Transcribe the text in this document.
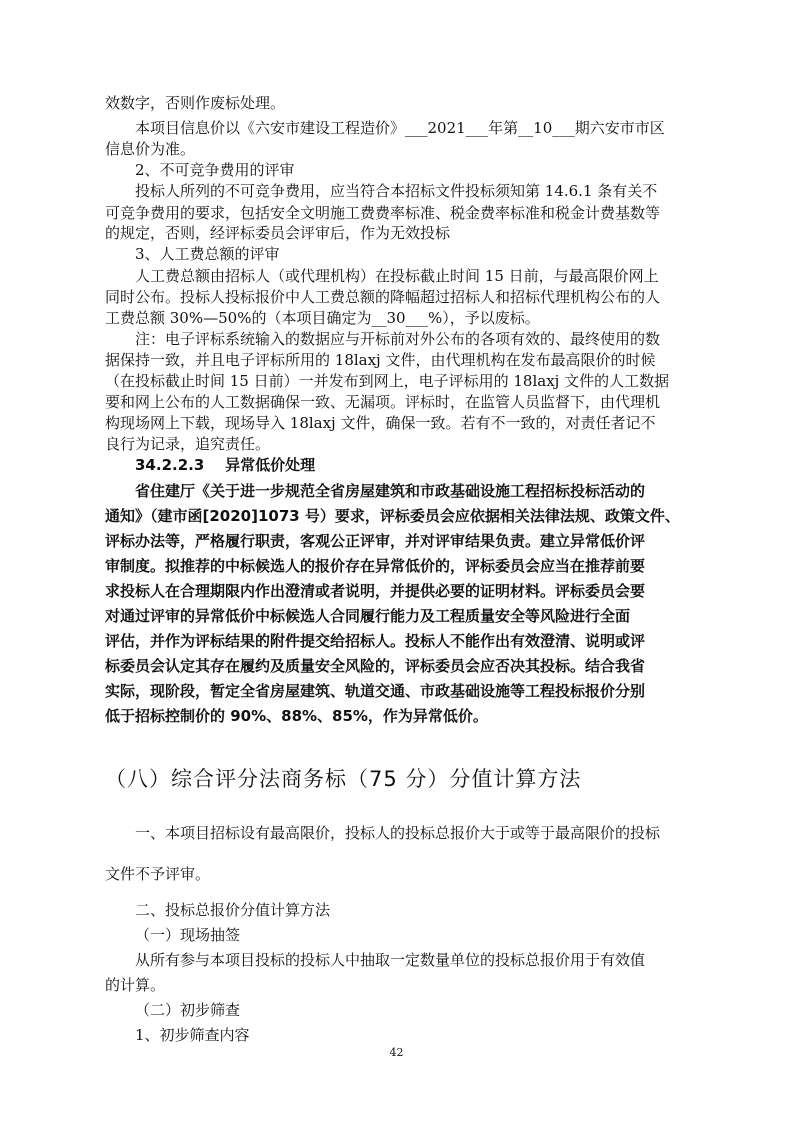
效数字，否则作废标处理。
本项目信息价以《六安市建设工程造价》___2021___年第__10___期六安市市区
信息价为准。
2、不可竞争费用的评审
投标人所列的不可竞争费用，应当符合本招标文件投标须知第 14.6.1 条有关不
可竞争费用的要求，包括安全文明施工费费率标准、税金费率标准和税金计费基数等
的规定，否则，经评标委员会评审后，作为无效投标
3、人工费总额的评审
人工费总额由招标人（或代理机构）在投标截止时间 15 日前，与最高限价网上
同时公布。投标人投标报价中人工费总额的降幅超过招标人和招标代理机构公布的人
工费总额 30%—50%的（本项目确定为__30___%），予以废标。
注：电子评标系统输入的数据应与开标前对外公布的各项有效的、最终使用的数
据保持一致，并且电子评标所用的 18laxj 文件，由代理机构在发布最高限价的时候
（在投标截止时间 15 日前）一并发布到网上，电子评标用的 18laxj 文件的人工数据
要和网上公布的人工数据确保一致、无漏项。评标时，在监管人员监督下，由代理机
构现场网上下载，现场导入 18laxj 文件，确保一致。若有不一致的，对责任者记不
良行为记录，追究责任。
34.2.2.3    异常低价处理
省住建厅《关于进一步规范全省房屋建筑和市政基础设施工程招标投标活动的
通知》（建市函[2020]1073 号）要求，评标委员会应依据相关法律法规、政策文件、
评标办法等，严格履行职责，客观公正评审，并对评审结果负责。建立异常低价评
审制度。拟推荐的中标候选人的报价存在异常低价的，评标委员会应当在推荐前要
求投标人在合理期限内作出澄清或者说明，并提供必要的证明材料。评标委员会要
对通过评审的异常低价中标候选人合同履行能力及工程质量安全等风险进行全面
评估，并作为评标结果的附件提交给招标人。投标人不能作出有效澄清、说明或评
标委员会认定其存在履约及质量安全风险的，评标委员会应否决其投标。结合我省
实际，现阶段，暂定全省房屋建筑、轨道交通、市政基础设施等工程投标报价分别
低于招标控制价的 90%、88%、85%，作为异常低价。
（八）综合评分法商务标（75 分）分值计算方法
一、本项目招标设有最高限价，投标人的投标总报价大于或等于最高限价的投标
文件不予评审。
二、投标总报价分值计算方法
（一）现场抽签
从所有参与本项目投标的投标人中抽取一定数量单位的投标总报价用于有效值
的计算。
（二）初步筛查
1、初步筛查内容
42
